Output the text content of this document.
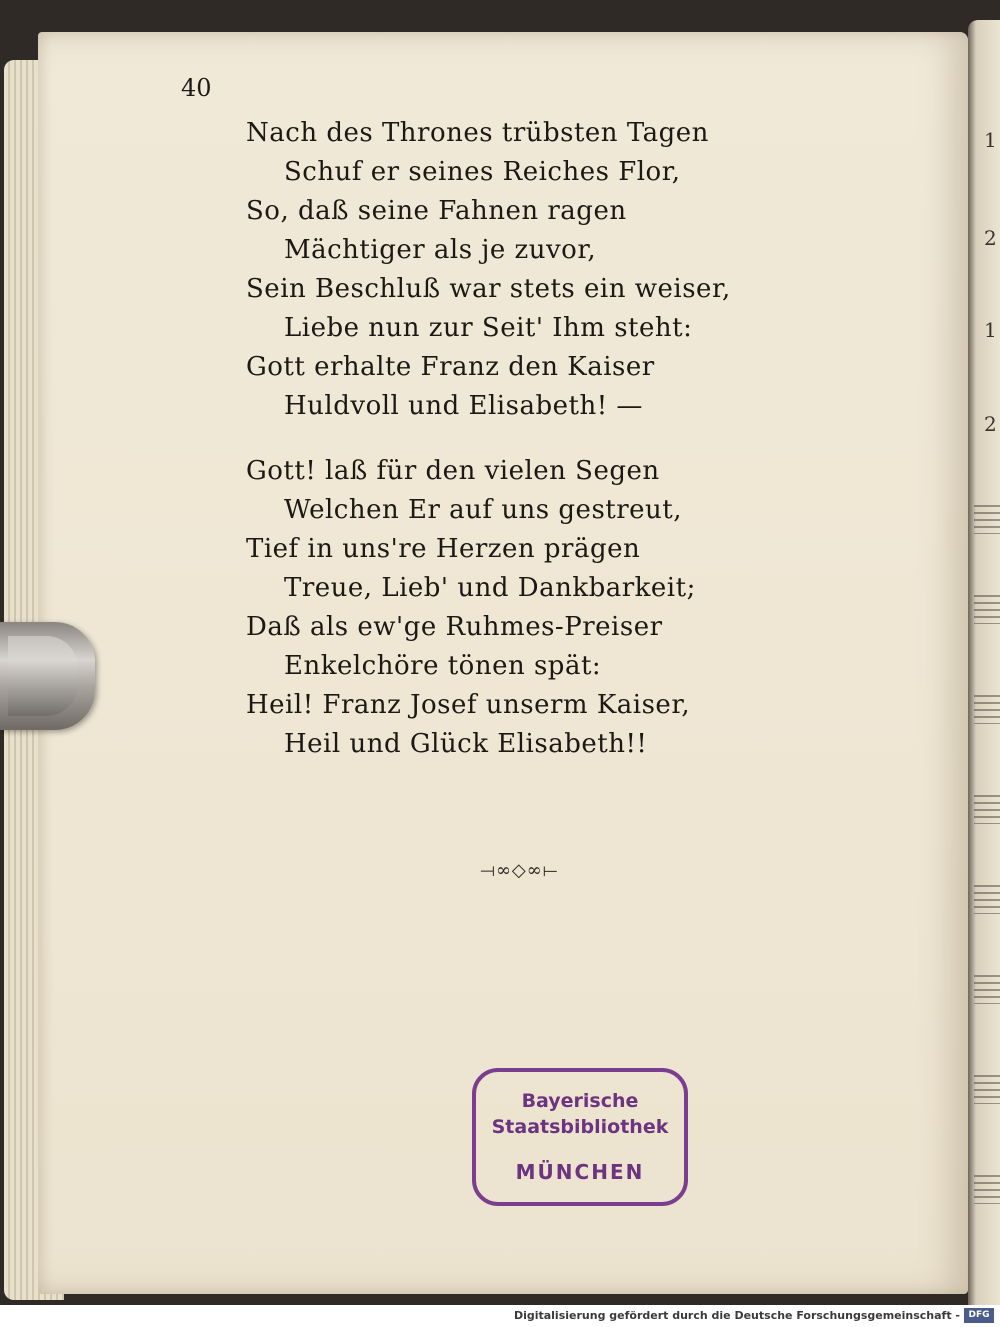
1
2
1
2
40
Nach des Thrones trübsten Tagen
Schuf er seines Reiches Flor,
So, daß seine Fahnen ragen
Mächtiger als je zuvor,
Sein Beschluß war stets ein weiser,
Liebe nun zur Seit' Ihm steht:
Gott erhalte Franz den Kaiser
Huldvoll und Elisabeth! —
Gott! laß für den vielen Segen
Welchen Er auf uns gestreut,
Tief in uns're Herzen prägen
Treue, Lieb' und Dankbarkeit;
Daß als ew'ge Ruhmes-Preiser
Enkelchöre tönen spät:
Heil! Franz Josef unserm Kaiser,
Heil und Glück Elisabeth!!
⟞∞◇∞⟝
Bayerische
Staatsbibliothek
MÜNCHEN
Digitalisierung gefördert durch die Deutsche Forschungsgemeinschaft - DFG
